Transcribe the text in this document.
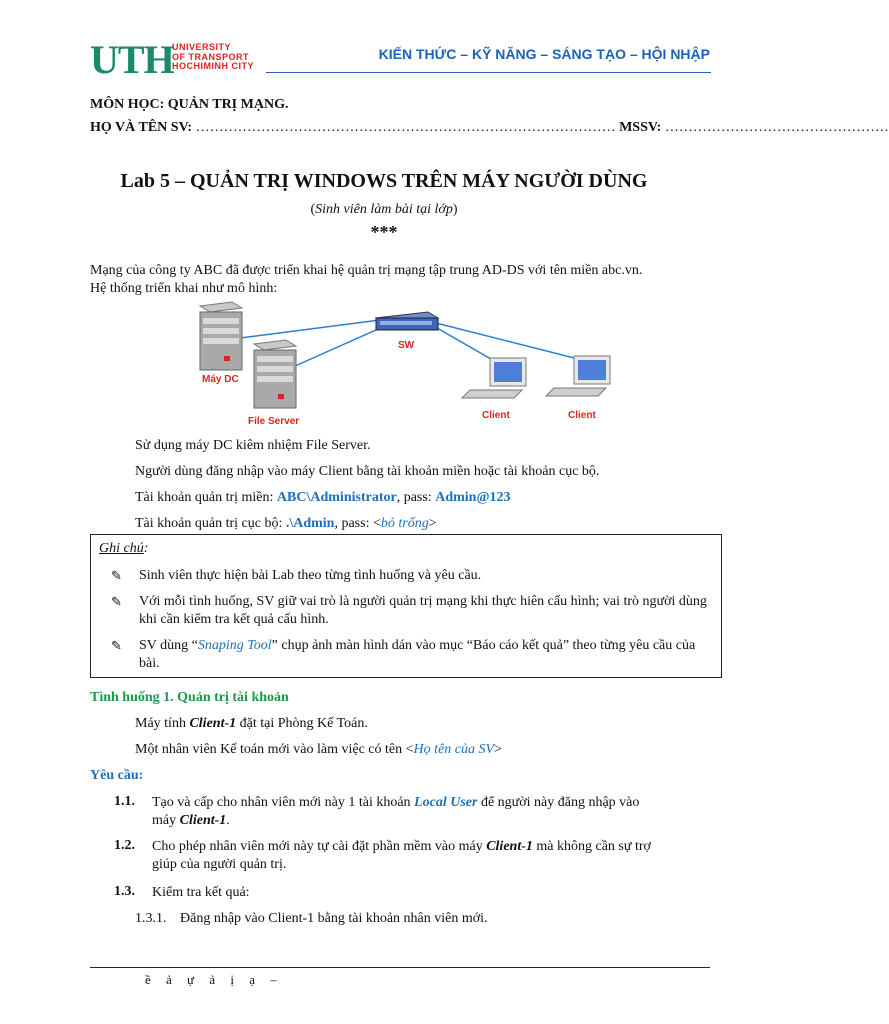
UTH
UNIVERSITY
OF TRANSPORT
HOCHIMINH CITY
KIẾN THỨC – KỸ NĂNG – SÁNG TẠO – HỘI NHẬP
MÔN HỌC: QUẢN TRỊ MẠNG.
HỌ VÀ TÊN SV: ……………………………………………………………………………… MSSV: …………………………………………
Lab 5 – QUẢN TRỊ WINDOWS TRÊN MÁY NGƯỜI DÙNG
(Sinh viên làm bài tại lớp)
***
Mạng của công ty ABC đã được triển khai hệ quản trị mạng tập trung AD-DS với tên miền abc.vn.
Hệ thống triển khai như mô hình:
Máy DC
File Server
SW
Client	Client
Sử dụng máy DC kiêm nhiệm File Server.
Người dùng đăng nhập vào máy Client bằng tài khoản miền hoặc tài khoản cục bộ.
Tài khoản quản trị miền: ABC\Administrator, pass: Admin@123
Tài khoản quản trị cục bộ: .\Admin, pass: <bỏ trống>
Ghi chú:
✎ Sinh viên thực hiện bài Lab theo từng tình huống và yêu cầu.
✎ Với mỗi tình huống, SV giữ vai trò là người quản trị mạng khi thực hiên cấu hình; vai trò người dùng khi cần kiểm tra kết quả cấu hình.
✎ SV dùng “Snaping Tool” chụp ảnh màn hình dán vào mục “Báo cáo kết quả” theo từng yêu cầu của bài.
Tình huống 1. Quản trị tài khoản
Máy tính Client-1 đặt tại Phòng Kế Toán.
Một nhân viên Kế toán mới vào làm việc có tên <Họ tên của SV>
Yêu cầu:
1.1. Tạo và cấp cho nhân viên mới này 1 tài khoản Local User để người này đăng nhập vào
máy Client-1.
1.2. Cho phép nhân viên mới này tự cài đặt phần mềm vào máy Client-1 mà không cần sự trợ
giúp của người quản trị.
1.3. Kiểm tra kết quả:
1.3.1. Đăng nhập vào Client-1 bằng tài khoản nhân viên mới.
ề ả ự ả ị ạ –
